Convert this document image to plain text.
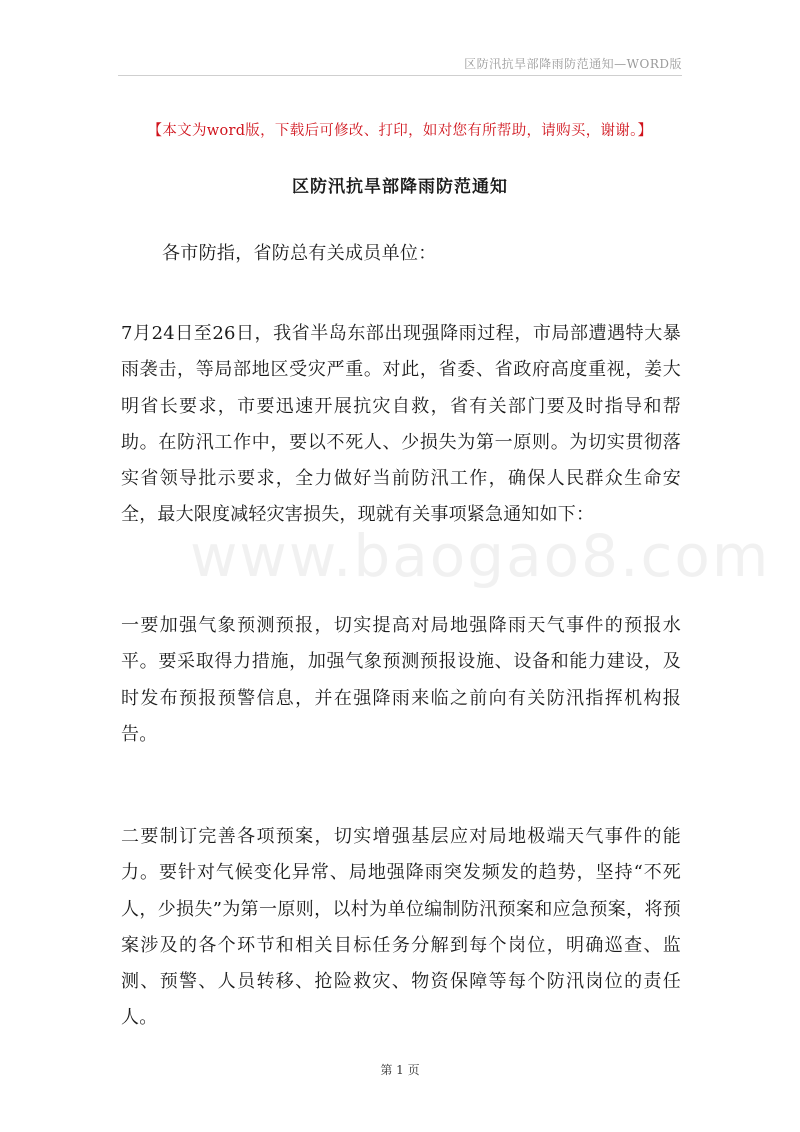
区防汛抗旱部降雨防范通知—WORD版
【本文为word版，下载后可修改、打印，如对您有所帮助，请购买，谢谢。】
区防汛抗旱部降雨防范通知
各市防指，省防总有关成员单位：
7月24日至26日，我省半岛东部出现强降雨过程，市局部遭遇特大暴雨袭击，等局部地区受灾严重。对此，省委、省政府高度重视，姜大明省长要求，市要迅速开展抗灾自救，省有关部门要及时指导和帮助。在防汛工作中，要以不死人、少损失为第一原则。为切实贯彻落实省领导批示要求，全力做好当前防汛工作，确保人民群众生命安全，最大限度减轻灾害损失，现就有关事项紧急通知如下：
www.baogao8.com
一要加强气象预测预报，切实提高对局地强降雨天气事件的预报水平。要采取得力措施，加强气象预测预报设施、设备和能力建设，及时发布预报预警信息，并在强降雨来临之前向有关防汛指挥机构报告。
二要制订完善各项预案，切实增强基层应对局地极端天气事件的能力。要针对气候变化异常、局地强降雨突发频发的趋势，坚持“不死人，少损失”为第一原则，以村为单位编制防汛预案和应急预案，将预案涉及的各个环节和相关目标任务分解到每个岗位，明确巡查、监测、预警、人员转移、抢险救灾、物资保障等每个防汛岗位的责任人。
第 1 页
